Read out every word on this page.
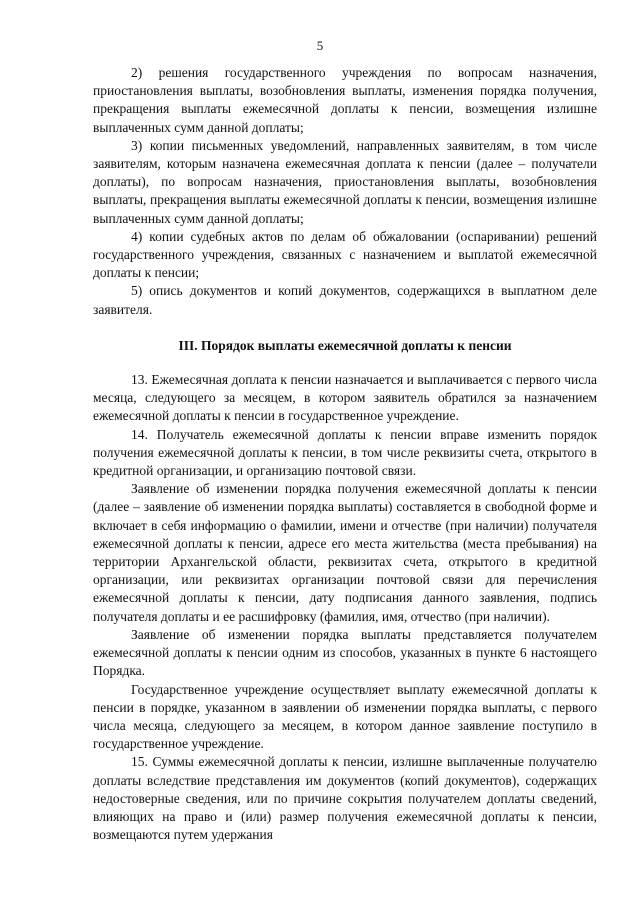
5

2) решения государственного учреждения по вопросам назначения, приостановления выплаты, возобновления выплаты, изменения порядка получения, прекращения выплаты ежемесячной доплаты к пенсии, возмещения излишне выплаченных сумм данной доплаты;

3) копии письменных уведомлений, направленных заявителям, в том числе заявителям, которым назначена ежемесячная доплата к пенсии (далее – получатели доплаты), по вопросам назначения, приостановления выплаты, возобновления выплаты, прекращения выплаты ежемесячной доплаты к пенсии, возмещения излишне выплаченных сумм данной доплаты;

4) копии судебных актов по делам об обжаловании (оспаривании) решений государственного учреждения, связанных с назначением и выплатой ежемесячной доплаты к пенсии;

5) опись документов и копий документов, содержащихся в выплатном деле заявителя.

III. Порядок выплаты ежемесячной доплаты к пенсии

13. Ежемесячная доплата к пенсии назначается и выплачивается с первого числа месяца, следующего за месяцем, в котором заявитель обратился за назначением ежемесячной доплаты к пенсии в государственное учреждение.

14. Получатель ежемесячной доплаты к пенсии вправе изменить порядок получения ежемесячной доплаты к пенсии, в том числе реквизиты счета, открытого в кредитной организации, и организацию почтовой связи.

Заявление об изменении порядка получения ежемесячной доплаты к пенсии (далее – заявление об изменении порядка выплаты) составляется в свободной форме и включает в себя информацию о фамилии, имени и отчестве (при наличии) получателя ежемесячной доплаты к пенсии, адресе его места жительства (места пребывания) на территории Архангельской области, реквизитах счета, открытого в кредитной организации, или реквизитах организации почтовой связи для перечисления ежемесячной доплаты к пенсии, дату подписания данного заявления, подпись получателя доплаты и ее расшифровку (фамилия, имя, отчество (при наличии).

Заявление об изменении порядка выплаты представляется получателем ежемесячной доплаты к пенсии одним из способов, указанных в пункте 6 настоящего Порядка.

Государственное учреждение осуществляет выплату ежемесячной доплаты к пенсии в порядке, указанном в заявлении об изменении порядка выплаты, с первого числа месяца, следующего за месяцем, в котором данное заявление поступило в государственное учреждение.

15. Суммы ежемесячной доплаты к пенсии, излишне выплаченные получателю доплаты вследствие представления им документов (копий документов), содержащих недостоверные сведения, или по причине сокрытия получателем доплаты сведений, влияющих на право и (или) размер получения ежемесячной доплаты к пенсии, возмещаются путем удержания
